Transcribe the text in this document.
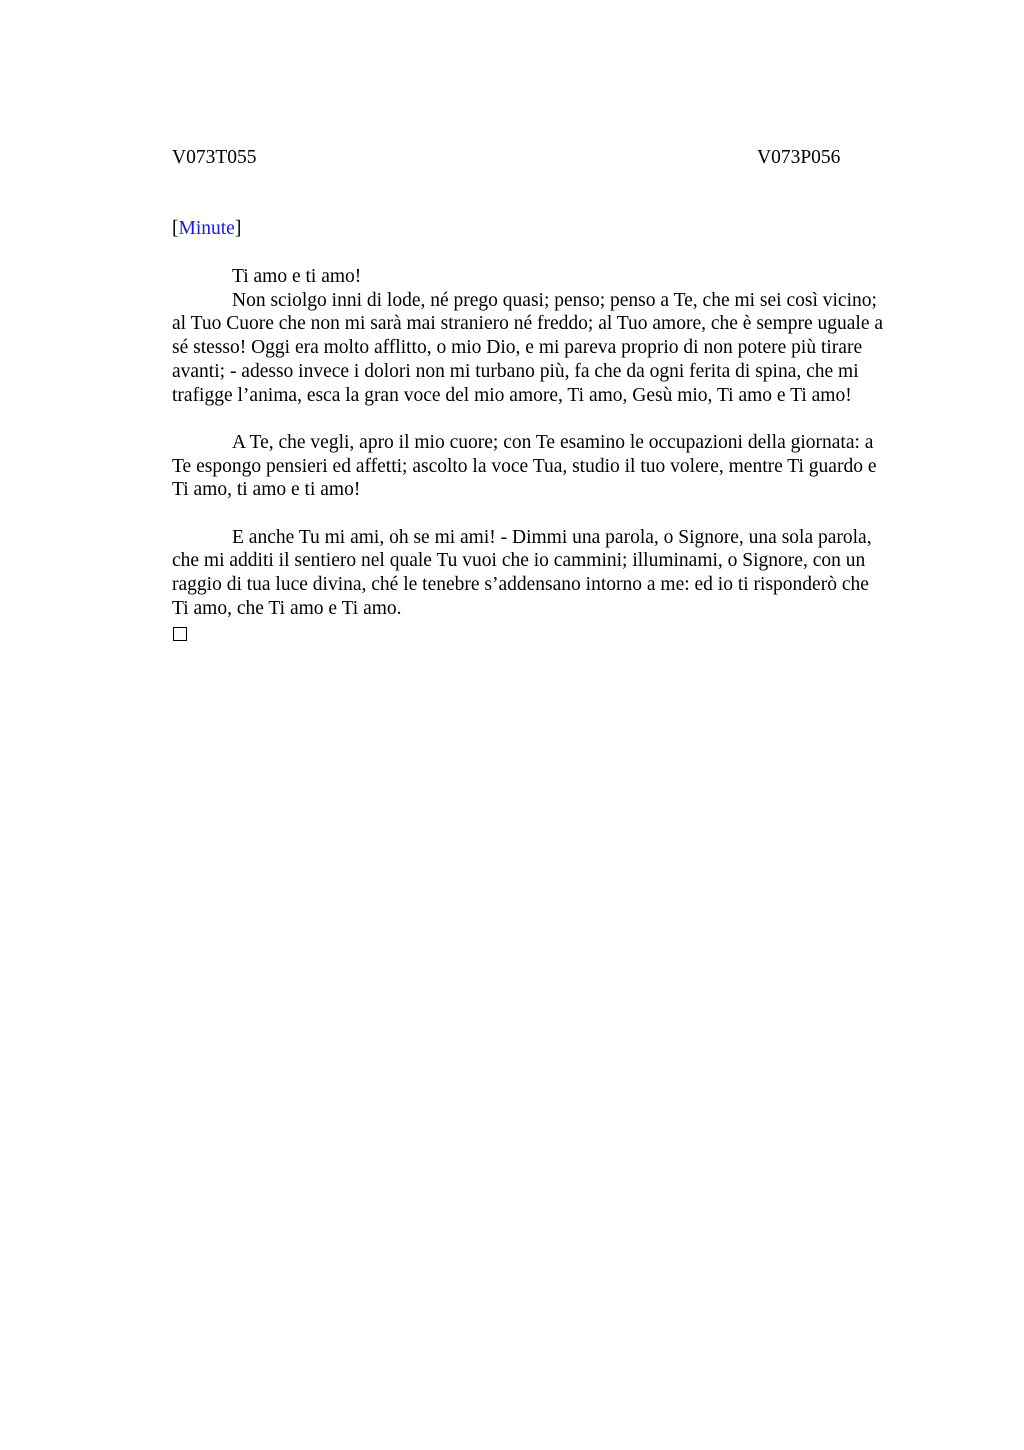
V073T055	V073P056
[Minute]

Ti amo e ti amo!

Non sciolgo inni di lode, né prego quasi; penso; penso a Te, che mi sei così vicino;
al Tuo Cuore che non mi sarà mai straniero né freddo; al Tuo amore, che è sempre uguale a
sé stesso! Oggi era molto afflitto, o mio Dio, e mi pareva proprio di non potere più tirare
avanti; - adesso invece i dolori non mi turbano più, fa che da ogni ferita di spina, che mi
trafigge l’anima, esca la gran voce del mio amore, Ti amo, Gesù mio, Ti amo e Ti amo!

A Te, che vegli, apro il mio cuore; con Te esamino le occupazioni della giornata: a
Te espongo pensieri ed affetti; ascolto la voce Tua, studio il tuo volere, mentre Ti guardo e
Ti amo, ti amo e ti amo!

E anche Tu mi ami, oh se mi ami! - Dimmi una parola, o Signore, una sola parola,
che mi additi il sentiero nel quale Tu vuoi che io cammini; illuminami, o Signore, con un
raggio di tua luce divina, ché le tenebre s’addensano intorno a me: ed io ti risponderò che
Ti amo, che Ti amo e Ti amo.
